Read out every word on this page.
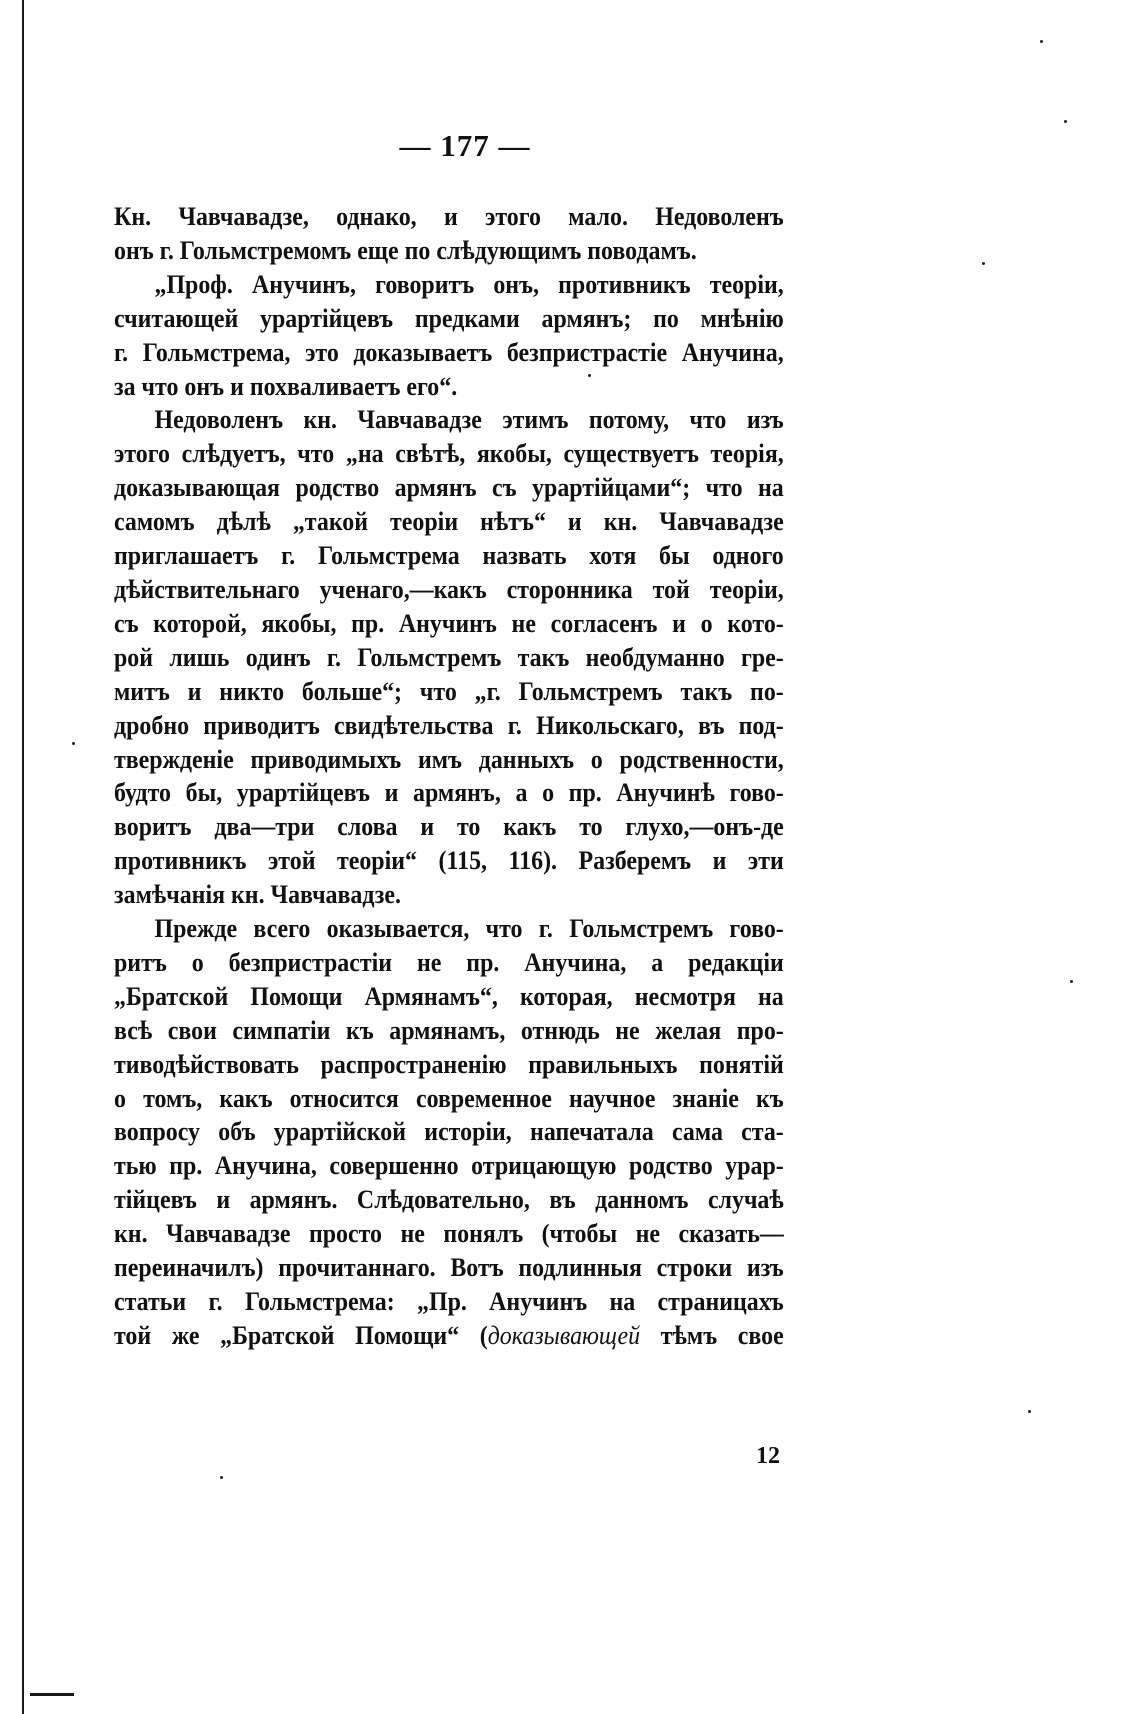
— 177 —

Кн. Чавчавадзе, однако, и этого мало. Недоволенъ

онъ г. Гольмстремомъ еще по слѣдующимъ поводамъ.

„Проф. Анучинъ, говоритъ онъ, противникъ теоріи,

считающей урартійцевъ предками армянъ; по мнѣнію

г. Гольмстрема, это доказываетъ безпристрастіе Анучина,

за что онъ и похваливаетъ его“.

Недоволенъ кн. Чавчавадзе этимъ потому, что изъ

этого слѣдуетъ, что „на свѣтѣ, якобы, существуетъ теорія,

доказывающая родство армянъ съ урартійцами“; что на

самомъ дѣлѣ „такой теоріи нѣтъ“ и кн. Чавчавадзе

приглашаетъ г. Гольмстрема назвать хотя бы одного

дѣйствительнаго ученаго,—какъ сторонника той теоріи,

съ которой, якобы, пр. Анучинъ не согласенъ и о кото-

рой лишь одинъ г. Гольмстремъ такъ необдуманно гре-

митъ и никто больше“; что „г. Гольмстремъ такъ по-

дробно приводитъ свидѣтельства г. Никольскаго, въ под-

твержденіе приводимыхъ имъ данныхъ о родственности,

будто бы, урартійцевъ и армянъ, а о пр. Анучинѣ гово-

воритъ два—три слова и то какъ то глухо,—онъ-де

противникъ этой теоріи“ (115, 116). Разберемъ и эти

замѣчанія кн. Чавчавадзе.

Прежде всего оказывается, что г. Гольмстремъ гово-

ритъ о безпристрастіи не пр. Анучина, а редакціи

„Братской Помощи Армянамъ“, которая, несмотря на

всѣ свои симпатіи къ армянамъ, отнюдь не желая про-

тиводѣйствовать распространенію правильныхъ понятій

о томъ, какъ относится современное научное знаніе къ

вопросу объ урартійской исторіи, напечатала сама ста-

тью пр. Анучина, совершенно отрицающую родство урар-

тійцевъ и армянъ. Слѣдовательно, въ данномъ случаѣ

кн. Чавчавадзе просто не понялъ (чтобы не сказать—

переиначилъ) прочитаннаго. Вотъ подлинныя строки изъ

статьи г. Гольмстрема: „Пр. Анучинъ на страницахъ

той же „Братской Помощи“ (доказывающей тѣмъ свое

12
